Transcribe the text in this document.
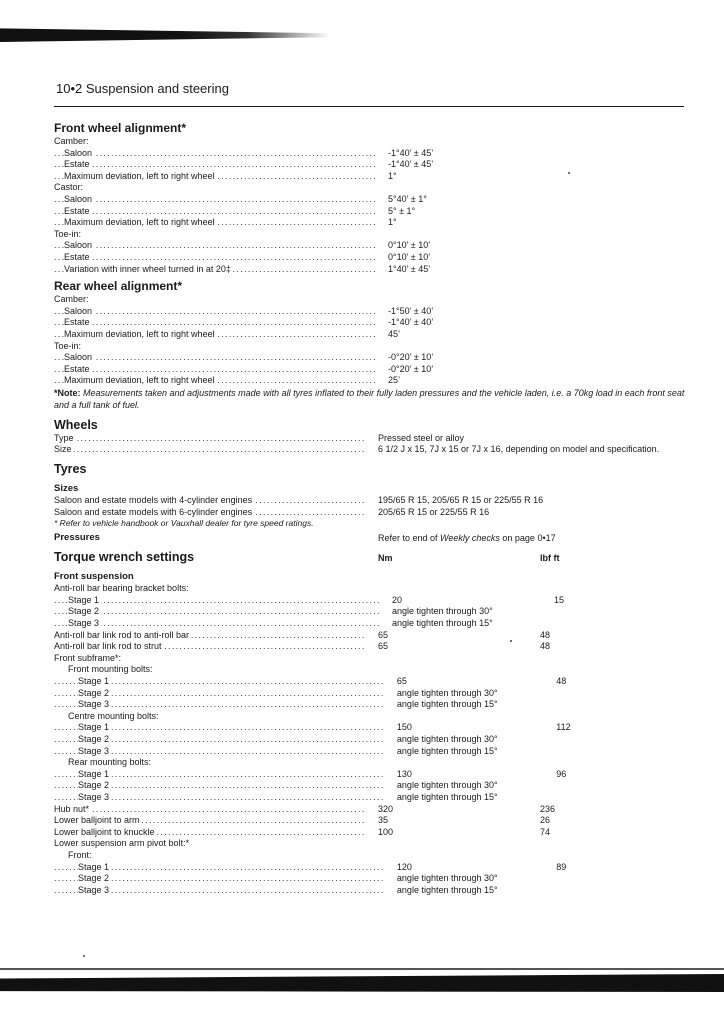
10•2 Suspension and steering
Front wheel alignment*
Camber:
Saloon .....	-1°40’ ± 45’
Estate .....	-1°40’ ± 45’
Maximum deviation, left to right wheel .....	1°
Castor:
Saloon .....	5°40’ ± 1°
Estate .....	5° ± 1°
Maximum deviation, left to right wheel .....	1°
Toe-in:
Saloon .....	0°10’ ± 10’
Estate .....	0°10’ ± 10’
Variation with inner wheel turned in at 20‡ .....	1°40’ ± 45’
Rear wheel alignment*
Camber:
Saloon .....	-1°50’ ± 40’
Estate .....	-1°40’ ± 40’
Maximum deviation, left to right wheel .....	45’
Toe-in:
Saloon .....	-0°20’ ± 10’
Estate .....	-0°20’ ± 10’
Maximum deviation, left to right wheel .....	25’
*Note: Measurements taken and adjustments made with all tyres inflated to their fully laden pressures and the vehicle laden, i.e. a 70kg load in each front seat and a full tank of fuel.
Wheels
Type .....	Pressed steel or alloy
Size .....	6 1/2 J x 15, 7J x 15 or 7J x 16, depending on model and specification.
Tyres
Sizes
Saloon and estate models with 4-cylinder engines .....	195/65 R 15, 205/65 R 15 or 225/55 R 16
Saloon and estate models with 6-cylinder engines .....	205/65 R 15 or 225/55 R 16
* Refer to vehicle handbook or Vauxhall dealer for tyre speed ratings.
Pressures	Refer to end of Weekly checks on page 0•17
Torque wrench settings	Nm	lbf ft
Front suspension
Anti-roll bar bearing bracket bolts:
Stage 1 .....	20	15
Stage 2 .....	angle tighten through 30°
Stage 3 .....	angle tighten through 15°
Anti-roll bar link rod to anti-roll bar .....	65	48
Anti-roll bar link rod to strut .....	65	48
Front subframe*:
Front mounting bolts:
Stage 1 .....	65	48
Stage 2 .....	angle tighten through 30°
Stage 3 .....	angle tighten through 15°
Centre mounting bolts:
Stage 1 .....	150	112
Stage 2 .....	angle tighten through 30°
Stage 3 .....	angle tighten through 15°
Rear mounting bolts:
Stage 1 .....	130	96
Stage 2 .....	angle tighten through 30°
Stage 3 .....	angle tighten through 15°
Hub nut* .....	320	236
Lower balljoint to arm .....	35	26
Lower balljoint to knuckle .....	100	74
Lower suspension arm pivot bolt:*
Front:
Stage 1 .....	120	89
Stage 2 .....	angle tighten through 30°
Stage 3 .....	angle tighten through 15°
